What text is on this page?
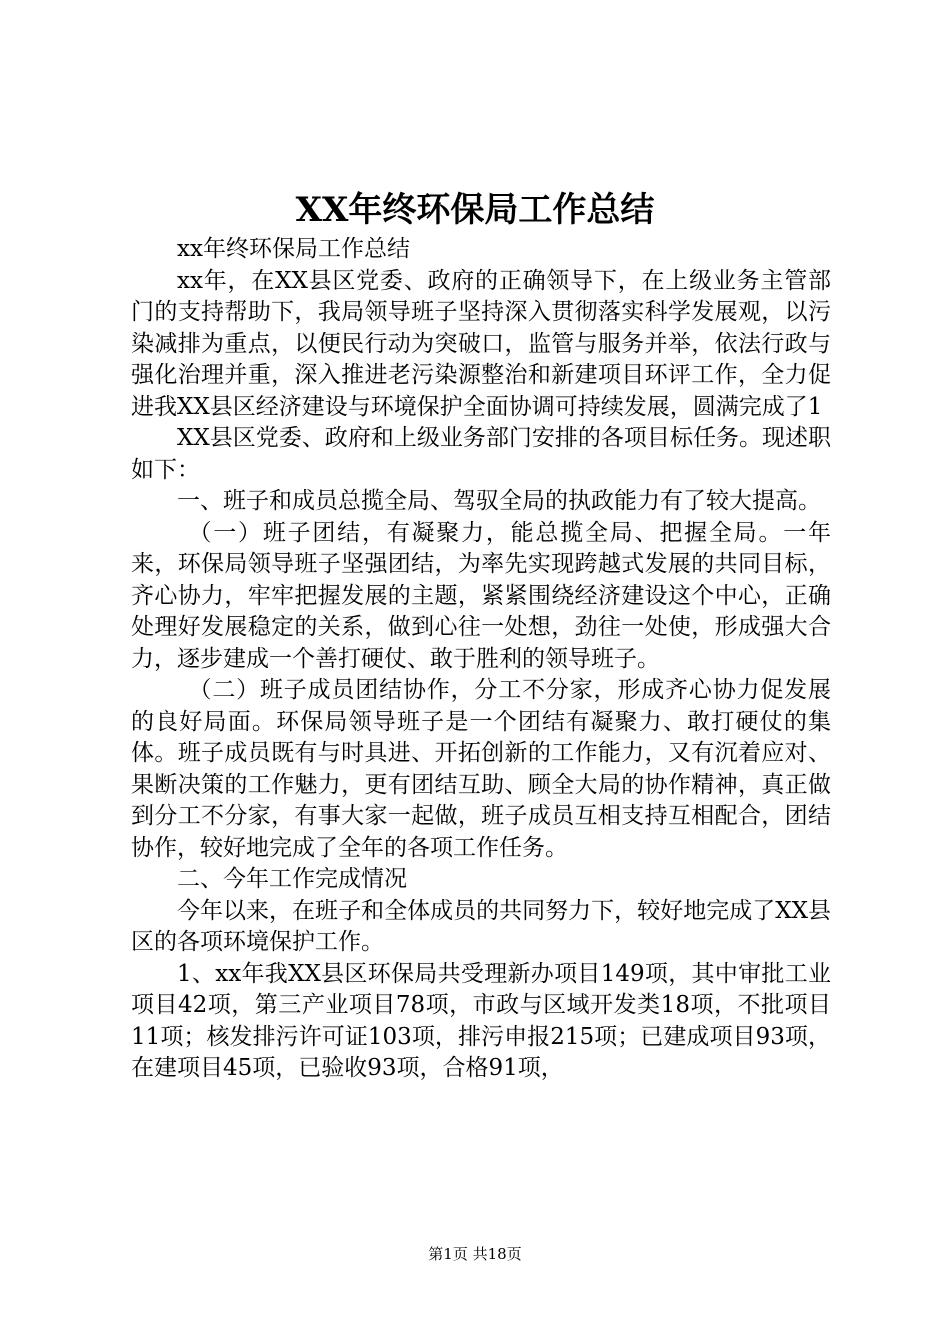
XX年终环保局工作总结

xx年终环保局工作总结

xx年，在XX县区党委、政府的正确领导下，在上级业务主管部门的支持帮助下，我局领导班子坚持深入贯彻落实科学发展观，以污染减排为重点，以便民行动为突破口，监管与服务并举，依法行政与强化治理并重，深入推进老污染源整治和新建项目环评工作，全力促进我XX县区经济建设与环境保护全面协调可持续发展，圆满完成了1

XX县区党委、政府和上级业务部门安排的各项目标任务。现述职如下：

一、班子和成员总揽全局、驾驭全局的执政能力有了较大提高。

（一）班子团结，有凝聚力，能总揽全局、把握全局。一年来，环保局领导班子坚强团结，为率先实现跨越式发展的共同目标，齐心协力，牢牢把握发展的主题，紧紧围绕经济建设这个中心，正确处理好发展稳定的关系，做到心往一处想，劲往一处使，形成强大合力，逐步建成一个善打硬仗、敢于胜利的领导班子。

（二）班子成员团结协作，分工不分家，形成齐心协力促发展的良好局面。环保局领导班子是一个团结有凝聚力、敢打硬仗的集体。班子成员既有与时具进、开拓创新的工作能力，又有沉着应对、果断决策的工作魅力，更有团结互助、顾全大局的协作精神，真正做到分工不分家，有事大家一起做，班子成员互相支持互相配合，团结协作，较好地完成了全年的各项工作任务。

二、今年工作完成情况

今年以来，在班子和全体成员的共同努力下，较好地完成了XX县区的各项环境保护工作。

1、xx年我XX县区环保局共受理新办项目149项，其中审批工业项目42项，第三产业项目78项，市政与区域开发类18项，不批项目11项；核发排污许可证103项，排污申报215项；已建成项目93项，在建项目45项，已验收93项，合格91项，

第1页 共18页
